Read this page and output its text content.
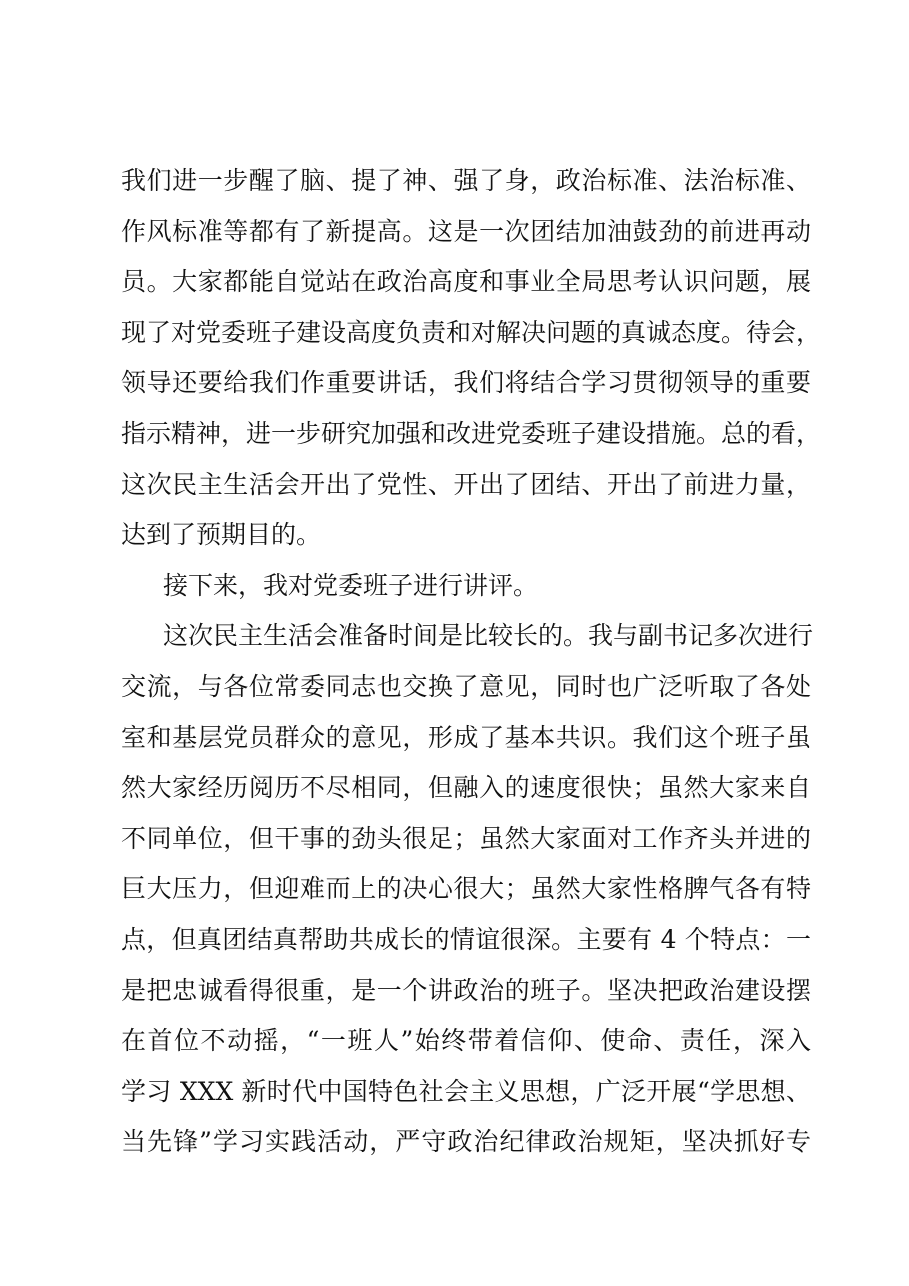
我们进一步醒了脑、提了神、强了身，政治标准、法治标准、
作风标准等都有了新提高。这是一次团结加油鼓劲的前进再动
员。大家都能自觉站在政治高度和事业全局思考认识问题，展
现了对党委班子建设高度负责和对解决问题的真诚态度。待会，
领导还要给我们作重要讲话，我们将结合学习贯彻领导的重要
指示精神，进一步研究加强和改进党委班子建设措施。总的看，
这次民主生活会开出了党性、开出了团结、开出了前进力量，
达到了预期目的。
接下来，我对党委班子进行讲评。
这次民主生活会准备时间是比较长的。我与副书记多次进行
交流，与各位常委同志也交换了意见，同时也广泛听取了各处
室和基层党员群众的意见，形成了基本共识。我们这个班子虽
然大家经历阅历不尽相同，但融入的速度很快；虽然大家来自
不同单位，但干事的劲头很足；虽然大家面对工作齐头并进的
巨大压力，但迎难而上的决心很大；虽然大家性格脾气各有特
点，但真团结真帮助共成长的情谊很深。主要有 4 个特点：一
是把忠诚看得很重，是一个讲政治的班子。坚决把政治建设摆
在首位不动摇，“一班人”始终带着信仰、使命、责任，深入
学习 XXX 新时代中国特色社会主义思想，广泛开展“学思想、
当先锋”学习实践活动，严守政治纪律政治规矩，坚决抓好专
